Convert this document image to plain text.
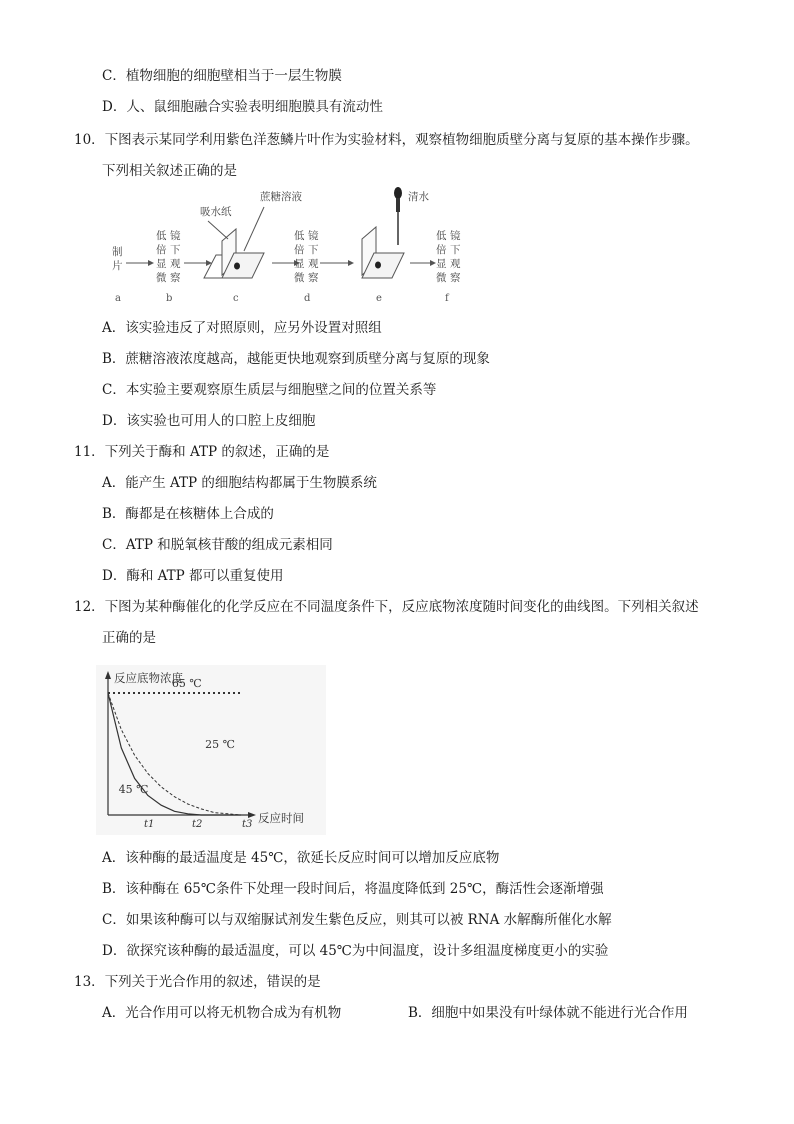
C．植物细胞的细胞壁相当于一层生物膜
D．人、鼠细胞融合实验表明细胞膜具有流动性
10．下图表示某同学利用紫色洋葱鳞片叶作为实验材料，观察植物细胞质壁分离与复原的基本操作步骤。
下列相关叙述正确的是
制
片
低
倍
显
微
镜
下
观
察
吸水纸
蔗糖溶液
低
倍
显
微
镜
下
观
察
清水
低
倍
显
微
镜
下
观
察
a	b	c	d	e	f
A．该实验违反了对照原则，应另外设置对照组
B．蔗糖溶液浓度越高，越能更快地观察到质壁分离与复原的现象
C．本实验主要观察原生质层与细胞壁之间的位置关系等
D．该实验也可用人的口腔上皮细胞
11．下列关于酶和 ATP 的叙述，正确的是
A．能产生 ATP 的细胞结构都属于生物膜系统
B．酶都是在核糖体上合成的
C．ATP 和脱氧核苷酸的组成元素相同
D．酶和 ATP 都可以重复使用
12．下图为某种酶催化的化学反应在不同温度条件下，反应底物浓度随时间变化的曲线图。下列相关叙述
正确的是
反应底物浓度
反应时间
65 ℃
25 ℃
45 ℃
t1	t2	t3
A．该种酶的最适温度是 45℃，欲延长反应时间可以增加反应底物
B．该种酶在 65℃条件下处理一段时间后，将温度降低到 25℃，酶活性会逐渐增强
C．如果该种酶可以与双缩脲试剂发生紫色反应，则其可以被 RNA 水解酶所催化水解
D．欲探究该种酶的最适温度，可以 45℃为中间温度，设计多组温度梯度更小的实验
13．下列关于光合作用的叙述，错误的是
A．光合作用可以将无机物合成为有机物	B．细胞中如果没有叶绿体就不能进行光合作用
